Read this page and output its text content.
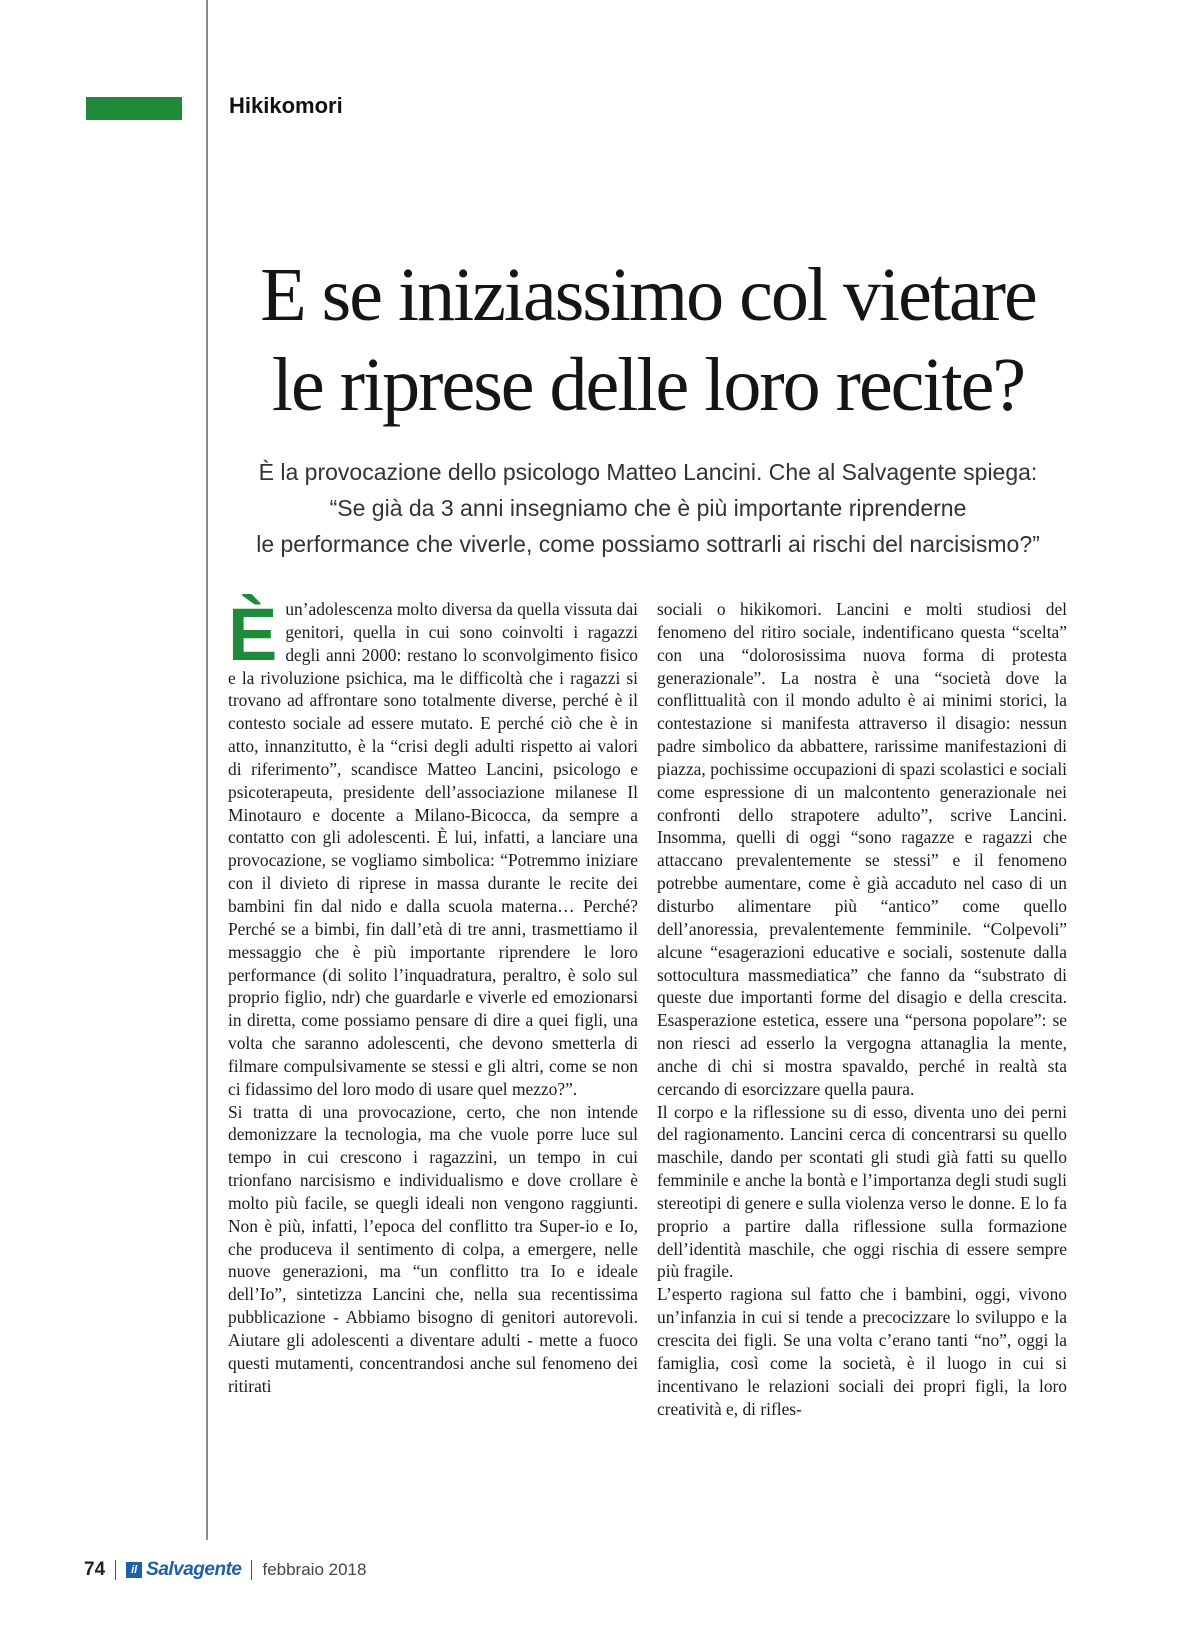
Hikikomori
E se iniziassimo col vietare
le riprese delle loro recite?

È la provocazione dello psicologo Matteo Lancini. Che al Salvagente spiega:
“Se già da 3 anni insegniamo che è più importante riprenderne
le performance che viverle, come possiamo sottrarli ai rischi del narcisismo?”

È un’adolescenza molto diversa da quella vissuta dai genitori, quella in cui sono coinvolti i ragazzi degli anni 2000: restano lo sconvolgimento fisico e la rivoluzione psichica, ma le difficoltà che i ragazzi si trovano ad affrontare sono totalmente diverse, perché è il contesto sociale ad essere mutato. E perché ciò che è in atto, innanzitutto, è la “crisi degli adulti rispetto ai valori di riferimento”, scandisce Matteo Lancini, psicologo e psicoterapeuta, presidente dell’associazione milanese Il Minotauro e docente a Milano-Bicocca, da sempre a contatto con gli adolescenti. È lui, infatti, a lanciare una provocazione, se vogliamo simbolica: “Potremmo iniziare con il divieto di riprese in massa durante le recite dei bambini fin dal nido e dalla scuola materna… Perché? Perché se a bimbi, fin dall’età di tre anni, trasmettiamo il messaggio che è più importante riprendere le loro performance (di solito l’inquadratura, peraltro, è solo sul proprio figlio, ndr) che guardarle e viverle ed emozionarsi in diretta, come possiamo pensare di dire a quei figli, una volta che saranno adolescenti, che devono smetterla di filmare compulsivamente se stessi e gli altri, come se non ci fidassimo del loro modo di usare quel mezzo?”.

Si tratta di una provocazione, certo, che non intende demonizzare la tecnologia, ma che vuole porre luce sul tempo in cui crescono i ragazzini, un tempo in cui trionfano narcisismo e individualismo e dove crollare è molto più facile, se quegli ideali non vengono raggiunti. Non è più, infatti, l’epoca del conflitto tra Super-io e Io, che produceva il sentimento di colpa, a emergere, nelle nuove generazioni, ma “un conflitto tra Io e ideale dell’Io”, sintetizza Lancini che, nella sua recentissima pubblicazione - Abbiamo bisogno di genitori autorevoli. Aiutare gli adolescenti a diventare adulti - mette a fuoco questi mutamenti, concentrandosi anche sul fenomeno dei ritirati

sociali o hikikomori. Lancini e molti studiosi del fenomeno del ritiro sociale, indentificano questa “scelta” con una “dolorosissima nuova forma di protesta generazionale”. La nostra è una “società dove la conflittualità con il mondo adulto è ai minimi storici, la contestazione si manifesta attraverso il disagio: nessun padre simbolico da abbattere, rarissime manifestazioni di piazza, pochissime occupazioni di spazi scolastici e sociali come espressione di un malcontento generazionale nei confronti dello strapotere adulto”, scrive Lancini. Insomma, quelli di oggi “sono ragazze e ragazzi che attaccano prevalentemente se stessi” e il fenomeno potrebbe aumentare, come è già accaduto nel caso di un disturbo alimentare più “antico” come quello dell’anoressia, prevalentemente femminile. “Colpevoli” alcune “esagerazioni educative e sociali, sostenute dalla sottocultura massmediatica” che fanno da “substrato di queste due importanti forme del disagio e della crescita. Esasperazione estetica, essere una “persona popolare”: se non riesci ad esserlo la vergogna attanaglia la mente, anche di chi si mostra spavaldo, perché in realtà sta cercando di esorcizzare quella paura.

Il corpo e la riflessione su di esso, diventa uno dei perni del ragionamento. Lancini cerca di concentrarsi su quello maschile, dando per scontati gli studi già fatti su quello femminile e anche la bontà e l’importanza degli studi sugli stereotipi di genere e sulla violenza verso le donne. E lo fa proprio a partire dalla riflessione sulla formazione dell’identità maschile, che oggi rischia di essere sempre più fragile.

L’esperto ragiona sul fatto che i bambini, oggi, vivono un’infanzia in cui si tende a precocizzare lo sviluppo e la crescita dei figli. Se una volta c’erano tanti “no”, oggi la famiglia, così come la società, è il luogo in cui si incentivano le relazioni sociali dei propri figli, la loro creatività e, di rifles-

74	il Salvagente febbraio 2018
